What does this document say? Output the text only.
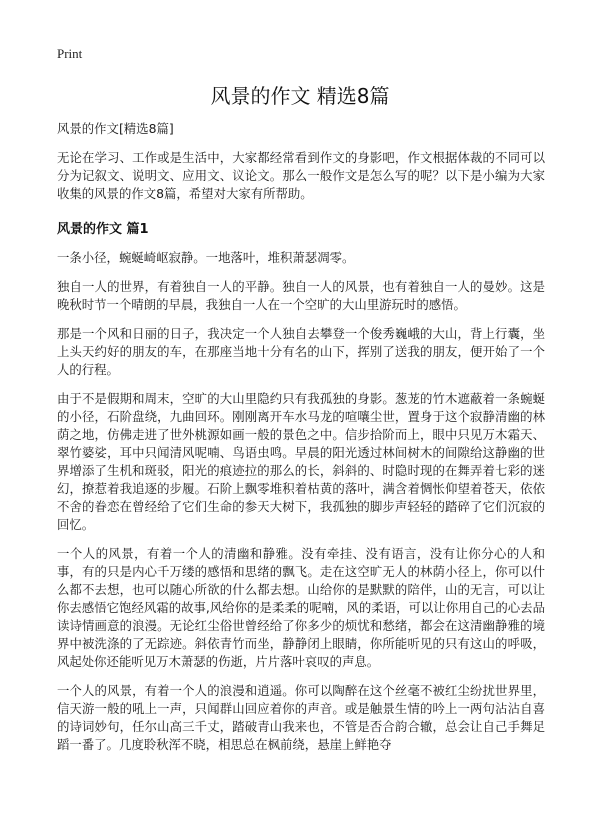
Print
风景的作文 精选8篇

风景的作文[精选8篇]

无论在学习、工作或是生活中，大家都经常看到作文的身影吧，作文根据体裁的不同可以分为记叙文、说明文、应用文、议论文。那么一般作文是怎么写的呢？以下是小编为大家收集的风景的作文8篇，希望对大家有所帮助。

风景的作文 篇1

一条小径，蜿蜒崎岖寂静。一地落叶，堆积萧瑟凋零。

独自一人的世界，有着独自一人的平静。独自一人的风景，也有着独自一人的曼妙。这是晚秋时节一个晴朗的早晨，我独自一人在一个空旷的大山里游玩时的感悟。

那是一个风和日丽的日子，我决定一个人独自去攀登一个俊秀巍峨的大山，背上行囊，坐上头天约好的朋友的车，在那座当地十分有名的山下，挥别了送我的朋友，便开始了一个人的行程。

由于不是假期和周末，空旷的大山里隐约只有我孤独的身影。葱茏的竹木遮蔽着一条蜿蜒的小径，石阶盘绕，九曲回环。刚刚离开车水马龙的喧嚷尘世，置身于这个寂静清幽的林荫之地，仿佛走进了世外桃源如画一般的景色之中。信步拾阶而上，眼中只见万木霜天、翠竹婆娑，耳中只闻清风呢喃、鸟语虫鸣。早晨的阳光透过林间树木的间隙给这静幽的世界增添了生机和斑驳，阳光的痕迹拉的那么的长，斜斜的、时隐时现的在舞弄着七彩的迷幻，撩惹着我追逐的步履。石阶上飘零堆积着枯黄的落叶，满含着惆怅仰望着苍天，依依不舍的眷恋在曾经给了它们生命的参天大树下，我孤独的脚步声轻轻的踏碎了它们沉寂的回忆。

一个人的风景，有着一个人的清幽和静雅。没有牵挂、没有语言，没有让你分心的人和事，有的只是内心千万缕的感悟和思绪的飘飞。走在这空旷无人的林荫小径上，你可以什么都不去想，也可以随心所欲的什么都去想。山给你的是默默的陪伴，山的无言，可以让你去感悟它饱经风霜的故事,风给你的是柔柔的呢喃，风的柔语，可以让你用自己的心去品读诗情画意的浪漫。无论红尘俗世曾经给了你多少的烦忧和愁绪，都会在这清幽静雅的境界中被洗涤的了无踪迹。斜依青竹而坐，静静闭上眼睛，你所能听见的只有这山的呼吸，风起处你还能听见万木萧瑟的伤逝，片片落叶哀叹的声息。

一个人的风景，有着一个人的浪漫和逍遥。你可以陶醉在这个丝毫不被红尘纷扰世界里，信天游一般的吼上一声，只闻群山回应着你的声音。或是触景生情的吟上一两句沾沾自喜的诗词妙句，任尔山高三千丈，踏破青山我来也，不管是否合韵合辙，总会让自己手舞足蹈一番了。几度聆秋浑不晓，相思总在枫前绕，悬崖上鲜艳夺
